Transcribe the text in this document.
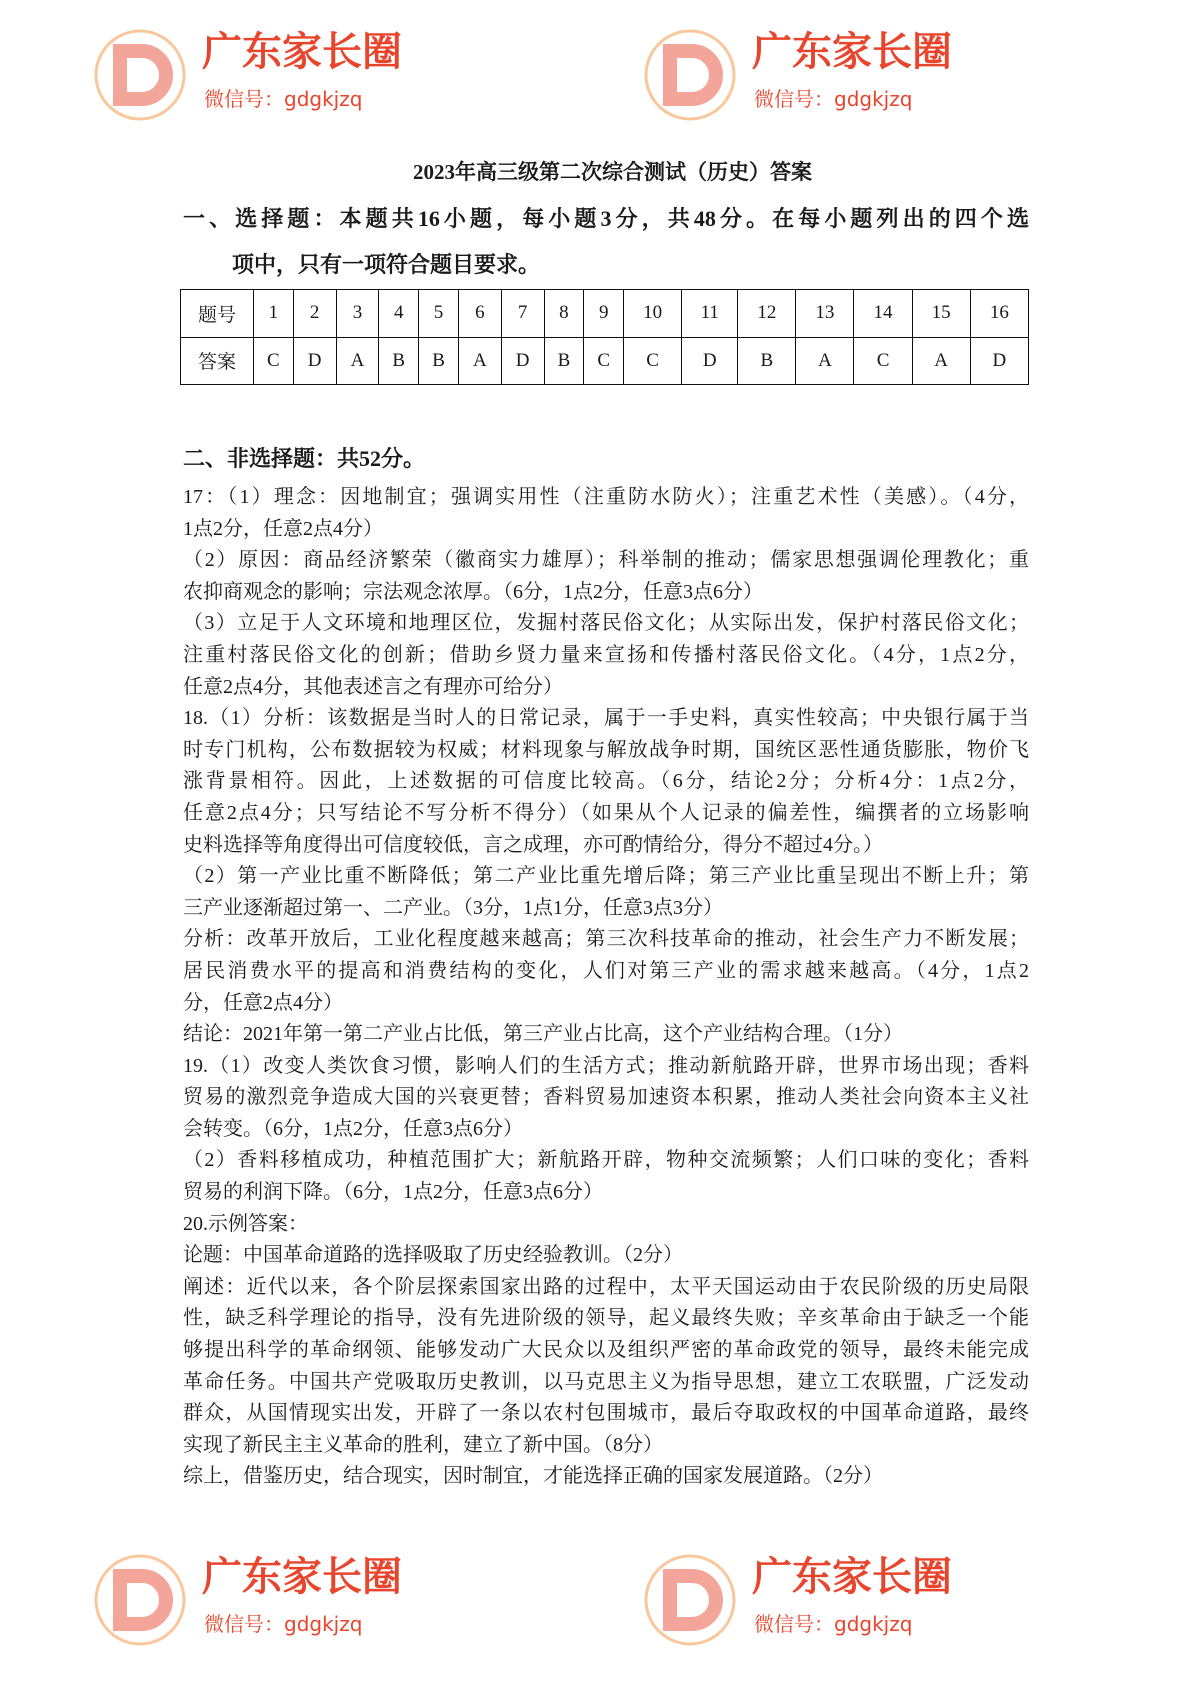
2023年高三级第二次综合测试（历史）答案
一、选择题：本题共16小题，每小题3分，共48分。在每小题列出的四个选
项中，只有一项符合题目要求。
题号	1	2	3	4	5	6	7	8	9	10	11	12	13	14	15	16
答案	C	D	A	B	B	A	D	B	C	C	D	B	A	C	A	D
二、非选择题：共52分。
17：（1）理念：因地制宜；强调实用性（注重防水防火）；注重艺术性（美感）。（4分，
1点2分，任意2点4分）
（2）原因：商品经济繁荣（徽商实力雄厚）；科举制的推动；儒家思想强调伦理教化；重
农抑商观念的影响；宗法观念浓厚。（6分，1点2分，任意3点6分）
（3）立足于人文环境和地理区位，发掘村落民俗文化；从实际出发，保护村落民俗文化；
注重村落民俗文化的创新；借助乡贤力量来宣扬和传播村落民俗文化。（4分，1点2分，
任意2点4分，其他表述言之有理亦可给分）
18.（1）分析：该数据是当时人的日常记录，属于一手史料，真实性较高；中央银行属于当
时专门机构，公布数据较为权威；材料现象与解放战争时期，国统区恶性通货膨胀，物价飞
涨背景相符。因此，上述数据的可信度比较高。（6分，结论2分；分析4分：1点2分，
任意2点4分；只写结论不写分析不得分）（如果从个人记录的偏差性，编撰者的立场影响
史料选择等角度得出可信度较低，言之成理，亦可酌情给分，得分不超过4分。）
（2）第一产业比重不断降低；第二产业比重先增后降；第三产业比重呈现出不断上升；第
三产业逐渐超过第一、二产业。（3分，1点1分，任意3点3分）
分析：改革开放后，工业化程度越来越高；第三次科技革命的推动，社会生产力不断发展；
居民消费水平的提高和消费结构的变化，人们对第三产业的需求越来越高。（4分，1点2
分，任意2点4分）
结论：2021年第一第二产业占比低，第三产业占比高，这个产业结构合理。（1分）
19.（1）改变人类饮食习惯，影响人们的生活方式；推动新航路开辟，世界市场出现；香料
贸易的激烈竞争造成大国的兴衰更替；香料贸易加速资本积累，推动人类社会向资本主义社
会转变。（6分，1点2分，任意3点6分）
（2）香料移植成功，种植范围扩大；新航路开辟，物种交流频繁；人们口味的变化；香料
贸易的利润下降。（6分，1点2分，任意3点6分）
20.示例答案：
论题：中国革命道路的选择吸取了历史经验教训。（2分）
阐述：近代以来，各个阶层探索国家出路的过程中，太平天国运动由于农民阶级的历史局限
性，缺乏科学理论的指导，没有先进阶级的领导，起义最终失败；辛亥革命由于缺乏一个能
够提出科学的革命纲领、能够发动广大民众以及组织严密的革命政党的领导，最终未能完成
革命任务。中国共产党吸取历史教训，以马克思主义为指导思想，建立工农联盟，广泛发动
群众，从国情现实出发，开辟了一条以农村包围城市，最后夺取政权的中国革命道路，最终
实现了新民主主义革命的胜利，建立了新中国。（8分）
综上，借鉴历史，结合现实，因时制宜，才能选择正确的国家发展道路。（2分）
广东家长圈
微信号：gdgkjzq
广东家长圈
微信号：gdgkjzq
广东家长圈
微信号：gdgkjzq
广东家长圈
微信号：gdgkjzq
